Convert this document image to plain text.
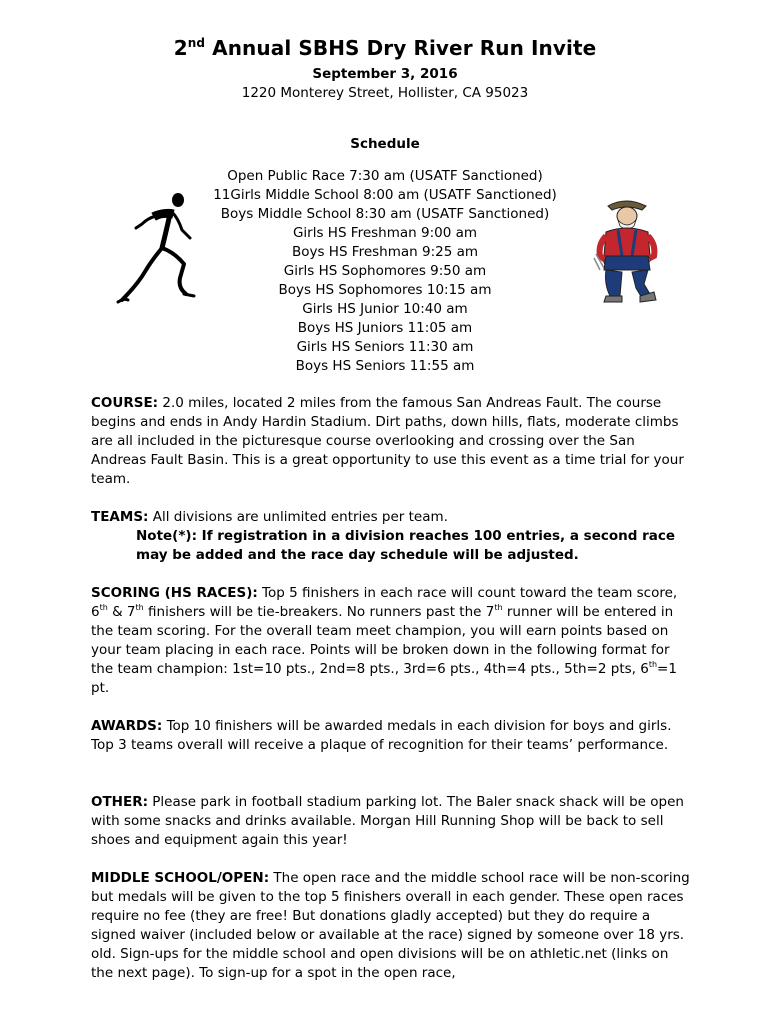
2nd Annual SBHS Dry River Run Invite
September 3, 2016
1220 Monterey Street, Hollister, CA 95023
Schedule
Open Public Race 7:30 am (USATF Sanctioned)
11Girls Middle School 8:00 am (USATF Sanctioned)
Boys Middle School 8:30 am (USATF Sanctioned)
Girls HS Freshman 9:00 am
Boys HS Freshman 9:25 am
Girls HS Sophomores 9:50 am
Boys HS Sophomores 10:15 am
Girls HS Junior 10:40 am
Boys HS Juniors 11:05 am
Girls HS Seniors 11:30 am
Boys HS Seniors 11:55 am

COURSE: 2.0 miles, located 2 miles from the famous San Andreas Fault. The course begins and ends in Andy Hardin Stadium. Dirt paths, down hills, flats, moderate climbs are all included in the picturesque course overlooking and crossing over the San Andreas Fault Basin. This is a great opportunity to use this event as a time trial for your team.

TEAMS: All divisions are unlimited entries per team.
Note(*): If registration in a division reaches 100 entries, a second race may be added and the race day schedule will be adjusted.

SCORING (HS RACES): Top 5 finishers in each race will count toward the team score, 6th & 7th finishers will be tie-breakers. No runners past the 7th runner will be entered in the team scoring. For the overall team meet champion, you will earn points based on your team placing in each race. Points will be broken down in the following format for the team champion: 1st=10 pts., 2nd=8 pts., 3rd=6 pts., 4th=4 pts., 5th=2 pts, 6th=1 pt.

AWARDS: Top 10 finishers will be awarded medals in each division for boys and girls. Top 3 teams overall will receive a plaque of recognition for their teams’ performance.

OTHER: Please park in football stadium parking lot. The Baler snack shack will be open with some snacks and drinks available. Morgan Hill Running Shop will be back to sell shoes and equipment again this year!

MIDDLE SCHOOL/OPEN: The open race and the middle school race will be non-scoring but medals will be given to the top 5 finishers overall in each gender. These open races require no fee (they are free! But donations gladly accepted) but they do require a signed waiver (included below or available at the race) signed by someone over 18 yrs. old. Sign-ups for the middle school and open divisions will be on athletic.net (links on the next page). To sign-up for a spot in the open race,
